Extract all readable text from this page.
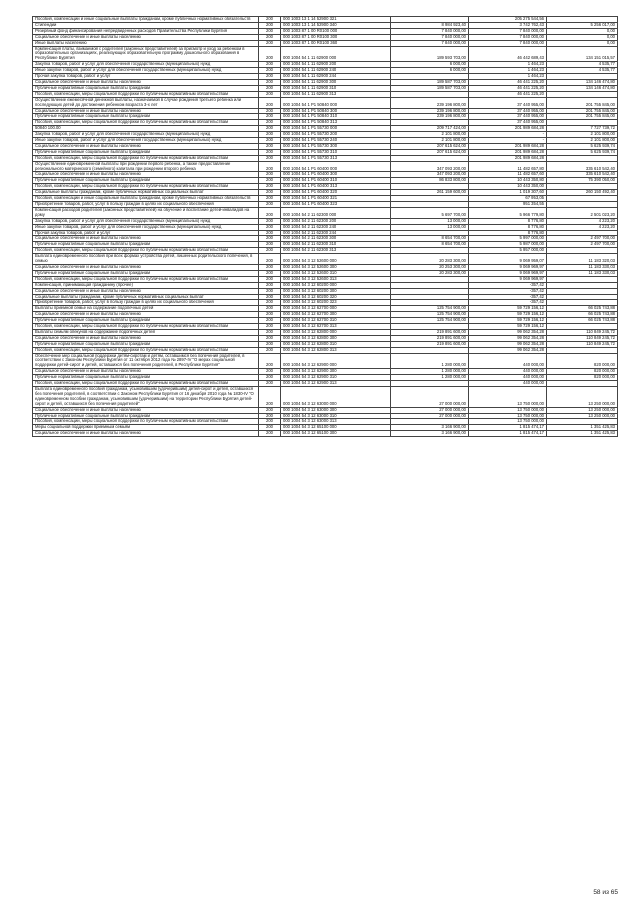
Пособия, компенсации и иные социальные выплаты гражданам, кроме публичных нормативных обязательств	200	000 1003 13 1 14 52900 321		205 275 544,56	
Стипендии	200	000 1003 13 1 14 52900 340	8 984 923,40	3 742 762,43	5 256 017,00
Резервный фонд финансирования непредвиденных расходов Правительства Республики Бурятия	200	000 1003 87 1 00 R0100 000	7 840 000,00	7 840 000,00	0,00
Социальное обеспечение и иные выплаты населению	200	000 1003 87 1 00 R0100 300	7 840 000,00	7 840 000,00	0,00
Иные выплаты населению	200	000 1003 87 1 00 R0100 360	7 840 000,00	7 840 000,00	0,00
Компенсация платы, взимаемой с родителей (законных представителей) за присмотр и уход за ребенком в образовательных организациях, реализующих образовательную программу дошкольного образования в Республике Бурятия	200	000 1004 54 1 11 62900 000	189 593 703,00	46 442 689,43	134 151 015,57
Закупка товаров, работ и услуг для обеспечения государственных (муниципальных) нужд	200	000 1004 54 1 11 62900 200	6 000,00	1 464,23	4 535,77
Иные закупки товаров, работ и услуг для обеспечения государственных (муниципальных) нужд	200	000 1004 54 1 11 62900 240	6 000,00	1 464,23	4 535,77
Прочая закупка товаров, работ и услуг	200	000 1004 54 1 11 62900 244		1 464,23	
Социальное обеспечение и иные выплаты населению	200	000 1004 54 1 11 62900 300	189 587 703,00	46 441 225,20	134 146 474,80
Публичные нормативные социальные выплаты гражданам	200	000 1004 54 1 11 62900 310	189 587 703,00	46 441 225,20	134 146 474,80
Пособия, компенсации, меры социальной поддержки по публичным нормативным обязательствам	200	000 1004 54 1 11 62900 313		46 441 225,20	
Осуществление ежемесячной денежной выплаты, назначаемой в случае рождения третьего ребенка или последующих детей до достижения ребенком возраста 3-х лет	200	000 1004 54 1 P1 50840 000	239 196 800,00	37 440 955,00	201 755 845,00
Социальное обеспечение и иные выплаты населению	200	000 1004 54 1 P1 50840 300	239 196 800,00	37 440 955,00	201 755 845,00
Публичные нормативные социальные выплаты гражданам	200	000 1004 54 1 P1 50840 310	239 196 800,00	37 440 955,00	201 755 845,00
Пособия, компенсации, меры социальной поддержки по публичным нормативным обязательствам	200	000 1004 54 1 P1 50840 313		37 440 955,00	
50840 100.00	200	000 1004 54 1 P1 55730 000	209 717 424,00	201 989 684,28	7 727 739,72
Закупка товаров, работ и услуг для обеспечения государственных (муниципальных) нужд	200	000 1004 54 1 P1 55730 200	2 101 800,00	-	2 101 800,00
Иные закупки товаров, работ и услуг для обеспечения государственных (муниципальных) нужд	200	000 1004 54 1 P1 55730 240	2 101 800,00	-	2 101 800,00
Социальное обеспечение и иные выплаты населению	200	000 1004 54 1 P1 55730 300	207 615 624,00	201 989 684,28	5 625 939,74
Публичные нормативные социальные выплаты гражданам	200	000 1004 54 1 P1 55730 310	207 615 624,00	201 989 684,28	5 625 939,74
Пособия, компенсации, меры социальной поддержки по публичным нормативным обязательствам	200	000 1004 54 1 P1 55730 313		201 989 684,28	
Осуществление единовременной выплаты при рождении первого ребенка, а также предоставление регионального материнского (семейного) капитала при рождении второго ребенка	200	000 1004 54 1 P1 60400 000	347 093 200,00	11 482 657,80	335 610 542,40
Социальное обеспечение и иные выплаты населению	200	000 1004 54 1 P1 60400 300	347 093 200,00	11 482 657,60	335 610 542,40
Публичные нормативные социальные выплаты гражданам	200	000 1004 54 1 P1 60400 310	86 833 800,00	10 443 350,80	75 390 050,00
Пособия, компенсации, меры социальной поддержки по публичным нормативным обязательствам	200	000 1004 54 1 P1 60400 313		10 443 350,00	
Социальные выплаты гражданам, кроме публичных нормативных социальных выплат	200	000 1004 54 1 P1 60400 320	261 159 600,00	1 019 307,60	260 150 492,40
Пособия, компенсации и иные социальные выплаты гражданам, кроме публичных нормативных обязательств	200	000 1004 54 1 P1 60400 321		67 953,05	
Приобретение товаров, работ, услуг в пользу граждан в целях их социального обеспечения	200	000 1004 54 1 P1 60400 323		951 354,55	
Компенсация расходов родителей (законных представителей) на обучение и воспитание детей-инвалидов на дому	200	000 1004 54 2 11 62300 000	5 697 700,00	5 966 779,80	2 501 023,20
Закупка товаров, работ и услуг для обеспечения государственных (муниципальных) нужд	200	000 1004 54 2 11 62300 200	13 000,00	8 776,80	4 223,20
Иные закупки товаров, работ и услуг для обеспечения государственных (муниципальных) нужд	200	000 1004 54 2 11 62300 240	13 000,00	8 776,80	4 223,20
Прочая закупка товаров, работ и услуг	200	000 1004 54 2 11 62300 244		8 776,80	
Социальное обеспечение и иные выплаты населению	200	000 1004 54 2 11 62300 300	8 654 700,00	5 997 000,00	2 497 700,00
Публичные нормативные социальные выплаты гражданам	200	000 1004 54 2 11 62300 310	8 654 700,00	5 987 000,00	2 497 700,00
Пособия, компенсации, меры социальной поддержки по публичным нормативным обязательствам	200	000 1004 54 2 11 62300 313		5 957 000,00	
Выплата единовременного пособия при всех формах устройства детей, лишенных родительского попечения, в семью	200	000 1004 54 3 12 52600 000	20 283 300,00	9 069 959,07	11 183 320,03
Социальное обеспечение и иные выплаты населению	200	000 1004 54 3 12 52600 300	20 253 300,00	9 069 969,97	11 183 330,03
Публичные нормативные социальные выплаты гражданам	200	000 1004 54 3 12 52600 310	20 283 300,00	9 069 969,97	11 183 330,03
Пособия, компенсации, меры социальной поддержки по публичным нормативным обязательствам	200	000 1004 54 3 12 52600 313		9 069 969,97	
Компенсация, принимающая гражданину (прочее)	200	000 1004 54 3 12 60200 000		-357,42	
Социальное обеспечение и иные выплаты населению	200	000 1004 54 3 12 60200 300		-357,42	
Социальные выплаты гражданам, кроме публичных нормативных социальных выплат	200	000 1004 54 3 12 60200 320		-357,42	
Приобретение товаров, работ, услуг в пользу граждан в целях их социального обеспечения	200	000 1004 54 3 12 60200 323		-357,42	
Выплаты приемной семье на содержание подопечных детей	200	000 1004 54 3 12 62700 000	125 754 900,00	59 729 156,12	66 025 743,88
Социальное обеспечение и иные выплаты населению	200	000 1004 54 3 12 62700 300	125 754 900,00	59 729 156,12	66 025 743,88
Публичные нормативные социальные выплаты гражданам	200	000 1004 54 3 12 62700 310	125 754 900,00	59 729 156,12	66 025 743,88
Пособия, компенсации, меры социальной поддержки по публичным нормативным обязательствам	200	000 1004 54 3 12 62700 313		59 729 156,12	
Выплаты семьям опекунов на содержание подопечных детей	200	000 1004 54 3 12 62800 000	219 891 600,00	99 062 354,28	110 849 245,72
Социальное обеспечение и иные выплаты населению	200	000 1004 54 3 12 62800 300	219 891 600,00	99 062 354,28	110 849 245,72
Публичные нормативные социальные выплаты гражданам	200	000 1004 54 3 12 62800 310	219 891 600,00	99 062 354,28	110 849 245,72
Пособия, компенсации, меры социальной поддержки по публичным нормативным обязательствам	200	000 1004 54 3 12 62800 313		99 062 354,28	
Обеспечение мер социальной поддержки детям-сиротам и детям, оставшимся без попечения родителей, в соответствии с Законом Республики Бурятия от 11 октября 2012 года № 2897-IV "О мерах социальной поддержки детей-сирот и детей, оставшихся без попечения родителей, в Республике Бурятия"	200	000 1004 54 3 12 62900 000	1 280 000,00	440 000,00	820 000,00
Социальное обеспечение и иные выплаты населению	200	000 1004 54 3 12 62900 300	1 280 000,00	440 000,00	820 000,00
Публичные нормативные социальные выплаты гражданам	200	000 1004 54 3 12 62900 310	1 280 000,00	440 000,00	820 000,00
Пособия, компенсации, меры социальной поддержки по публичным нормативным обязательствам	200	000 1004 54 3 12 62900 313		440 000,00	
Выплата единовременного пособия гражданам, усыновившим (удочерившим) детей-сирот и детей, оставшихся без попечения родителей, в соответствии с Законом Республики Бурятия от 16 декабря 2010 года № 1830-IV "О единовременном пособии гражданам, усыновившим (удочерившим) на территории Республики Бурятия детей-сирот и детей, оставшихся без попечения родителей"	200	000 1004 54 3 12 63000 000	27 000 000,00	13 750 000,00	13 250 000,00
Социальное обеспечение и иные выплаты населению	200	000 1004 54 3 12 63000 300	27 000 000,00	13 750 000,00	13 250 000,00
Публичные нормативные социальные выплаты гражданам	200	000 1004 54 3 12 63000 310	27 000 000,00	13 750 000,00	13 250 000,00
Пособия, компенсации, меры социальной поддержки по публичным нормативным обязательствам	200	000 1004 54 3 12 63000 313		13 750 000,00	
Меры социальной поддержки приемным семьям	200	000 1004 54 3 12 65100 000	3 166 900,00	1 815 474,17	1 351 425,83
Социальное обеспечение и иные выплаты населению	200	000 1004 54 3 12 65100 300	3 166 900,00	1 815 474,17	1 351 425,83
58 из 65
